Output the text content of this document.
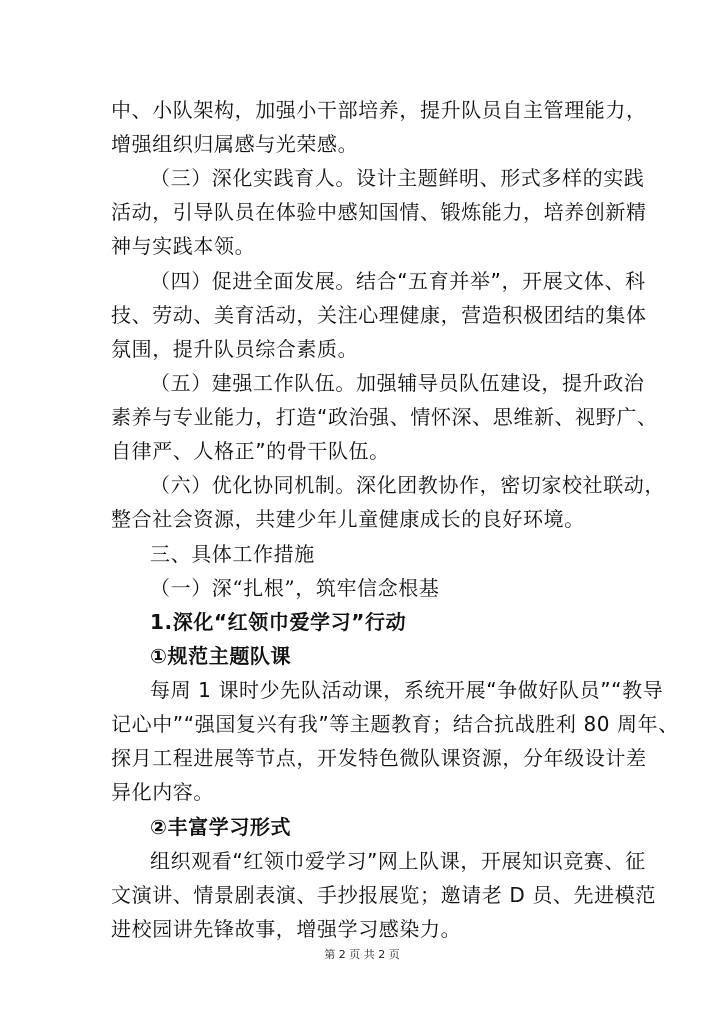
中、小队架构，加强小干部培养，提升队员自主管理能力，
增强组织归属感与光荣感。
（三）深化实践育人。设计主题鲜明、形式多样的实践
活动，引导队员在体验中感知国情、锻炼能力，培养创新精
神与实践本领。
（四）促进全面发展。结合“五育并举”，开展文体、科
技、劳动、美育活动，关注心理健康，营造积极团结的集体
氛围，提升队员综合素质。
（五）建强工作队伍。加强辅导员队伍建设，提升政治
素养与专业能力，打造“政治强、情怀深、思维新、视野广、
自律严、人格正”的骨干队伍。
（六）优化协同机制。深化团教协作，密切家校社联动，
整合社会资源，共建少年儿童健康成长的良好环境。
三、具体工作措施
（一）深“扎根”，筑牢信念根基
1.深化“红领巾爱学习”行动
①规范主题队课
每周 1 课时少先队活动课，系统开展“争做好队员”“教导
记心中”“强国复兴有我”等主题教育；结合抗战胜利 80 周年、
探月工程进展等节点，开发特色微队课资源，分年级设计差
异化内容。
②丰富学习形式
组织观看“红领巾爱学习”网上队课，开展知识竞赛、征
文演讲、情景剧表演、手抄报展览；邀请老 D 员、先进模范
进校园讲先锋故事，增强学习感染力。
第 2 页 共 2 页
